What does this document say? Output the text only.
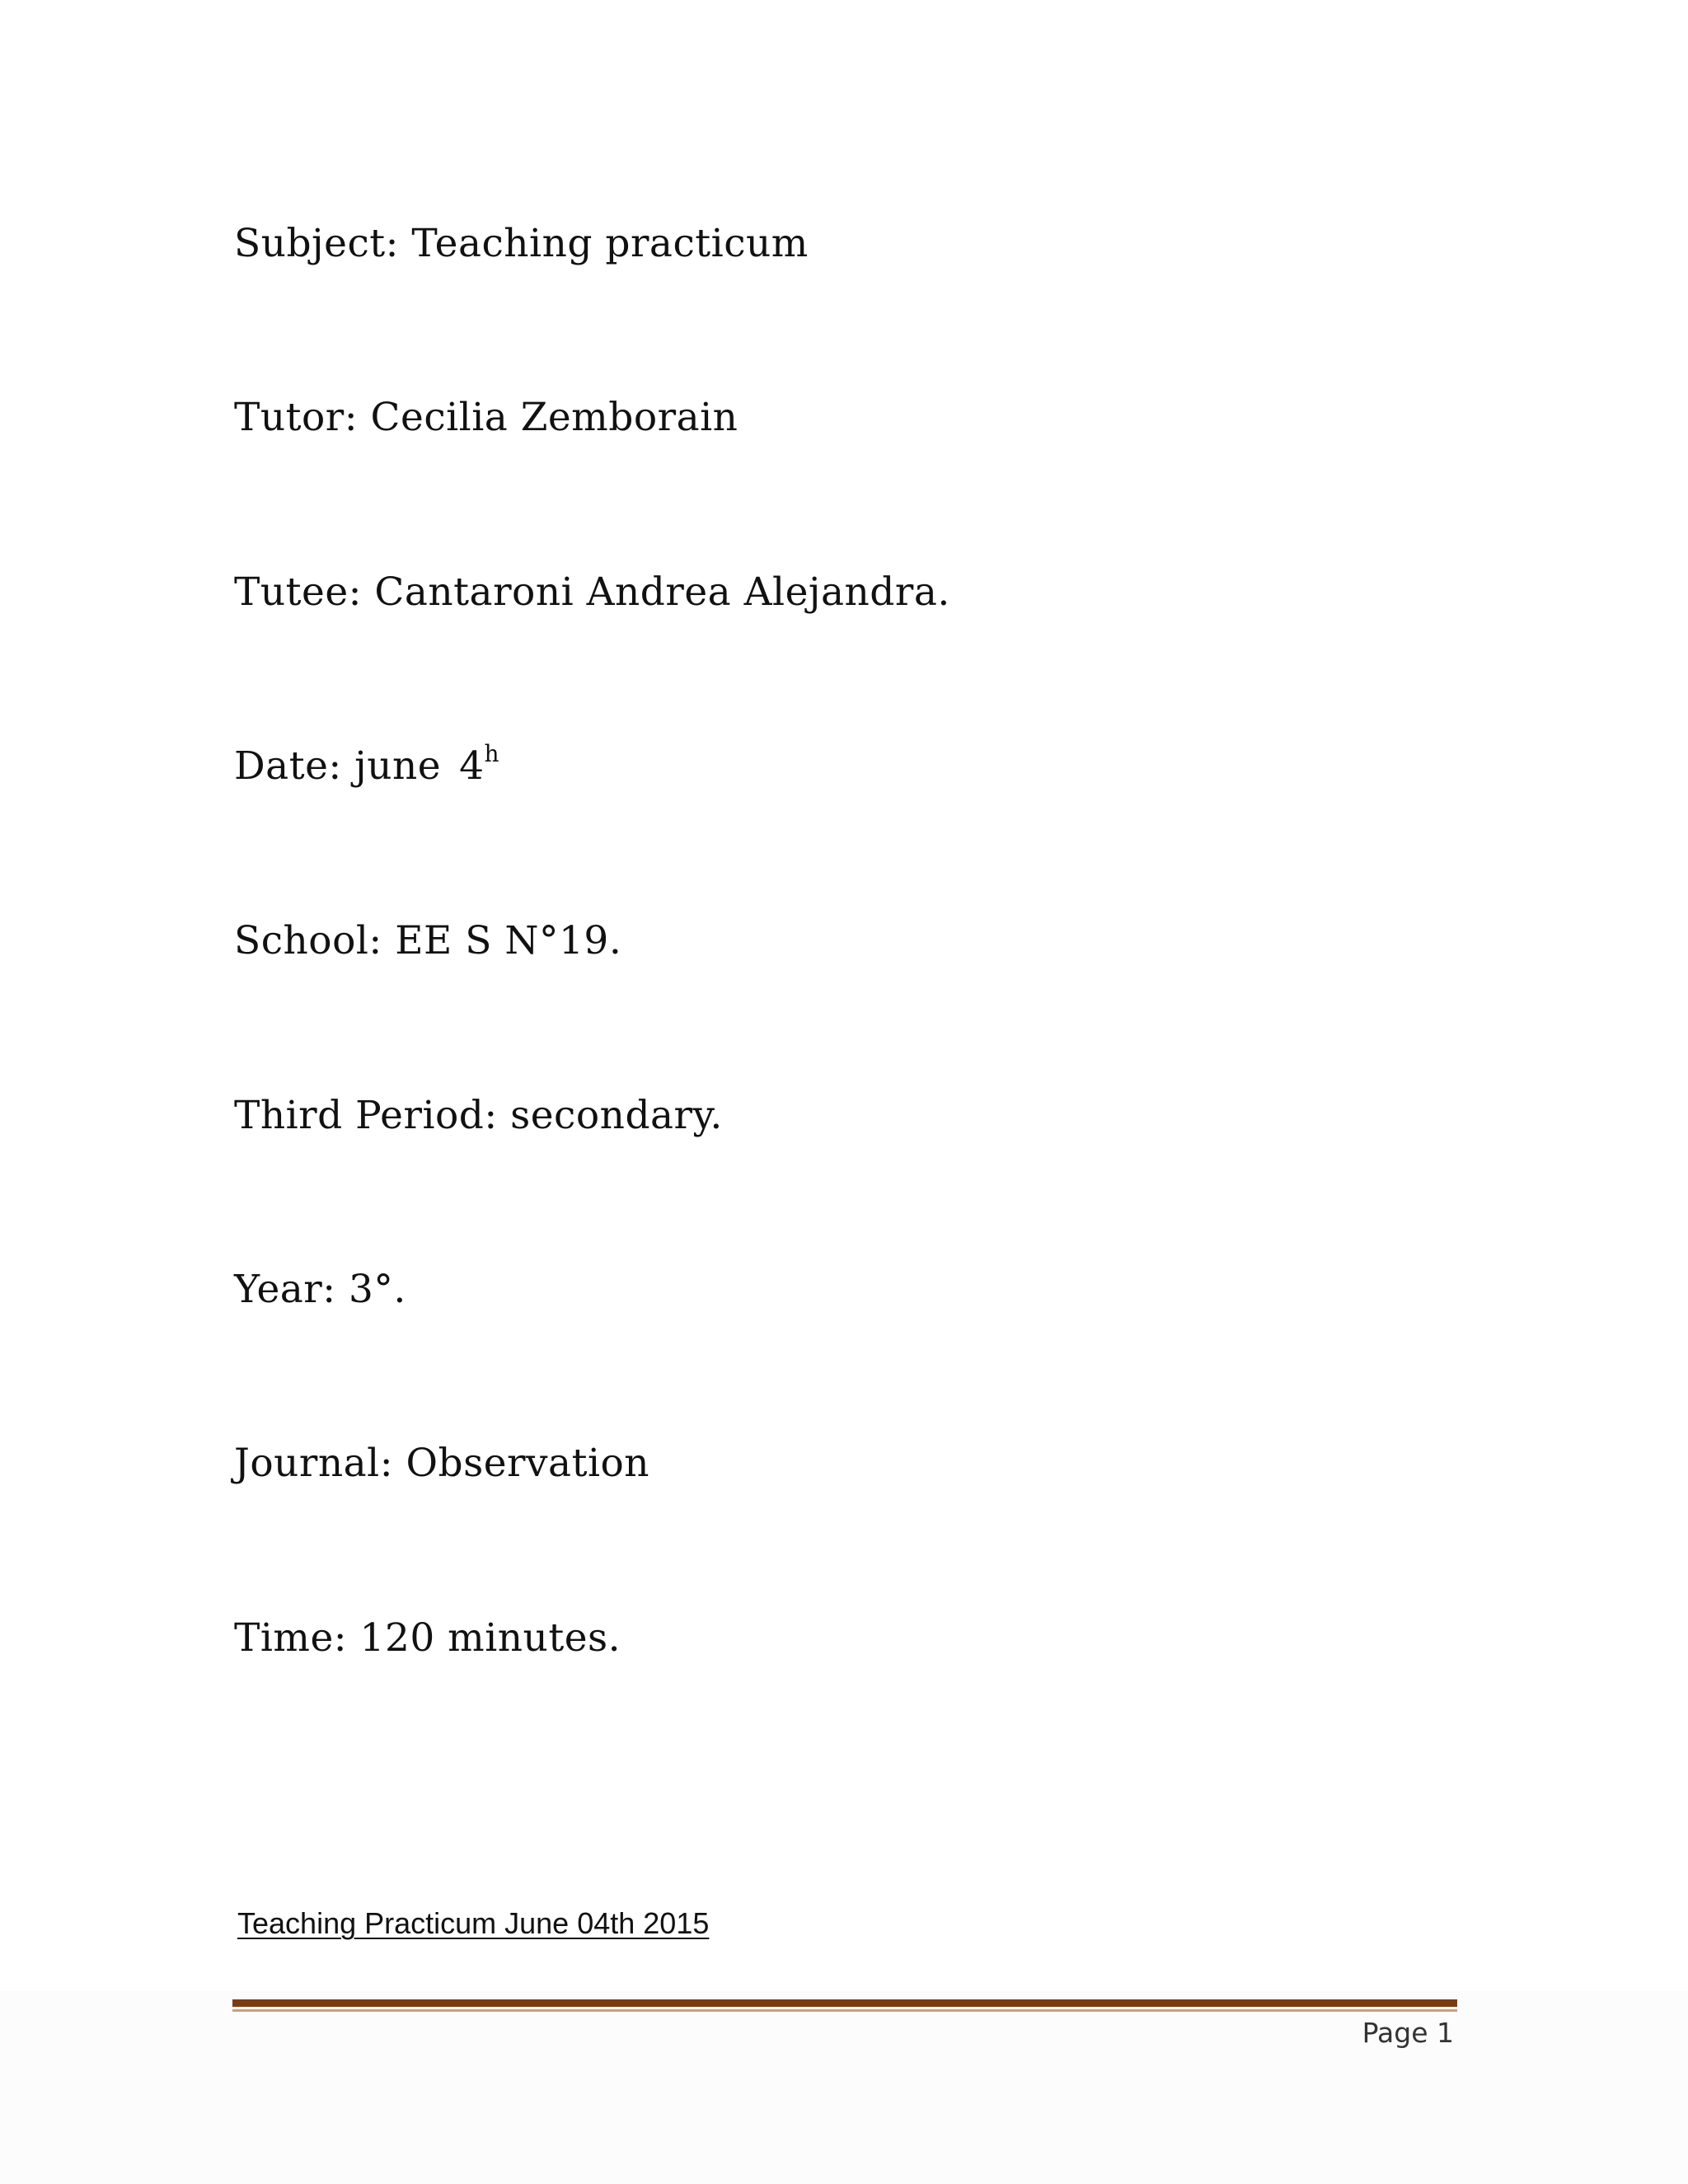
Subject: Teaching practicum
Tutor: Cecilia Zemborain
Tutee: Cantaroni Andrea Alejandra.
Date: june 4$^h$
School: EE S N°19.
Third Period: secondary.
Year: 3°.
Journal: Observation
Time: 120 minutes.
Teaching Practicum June 04th 2015
Page 1
